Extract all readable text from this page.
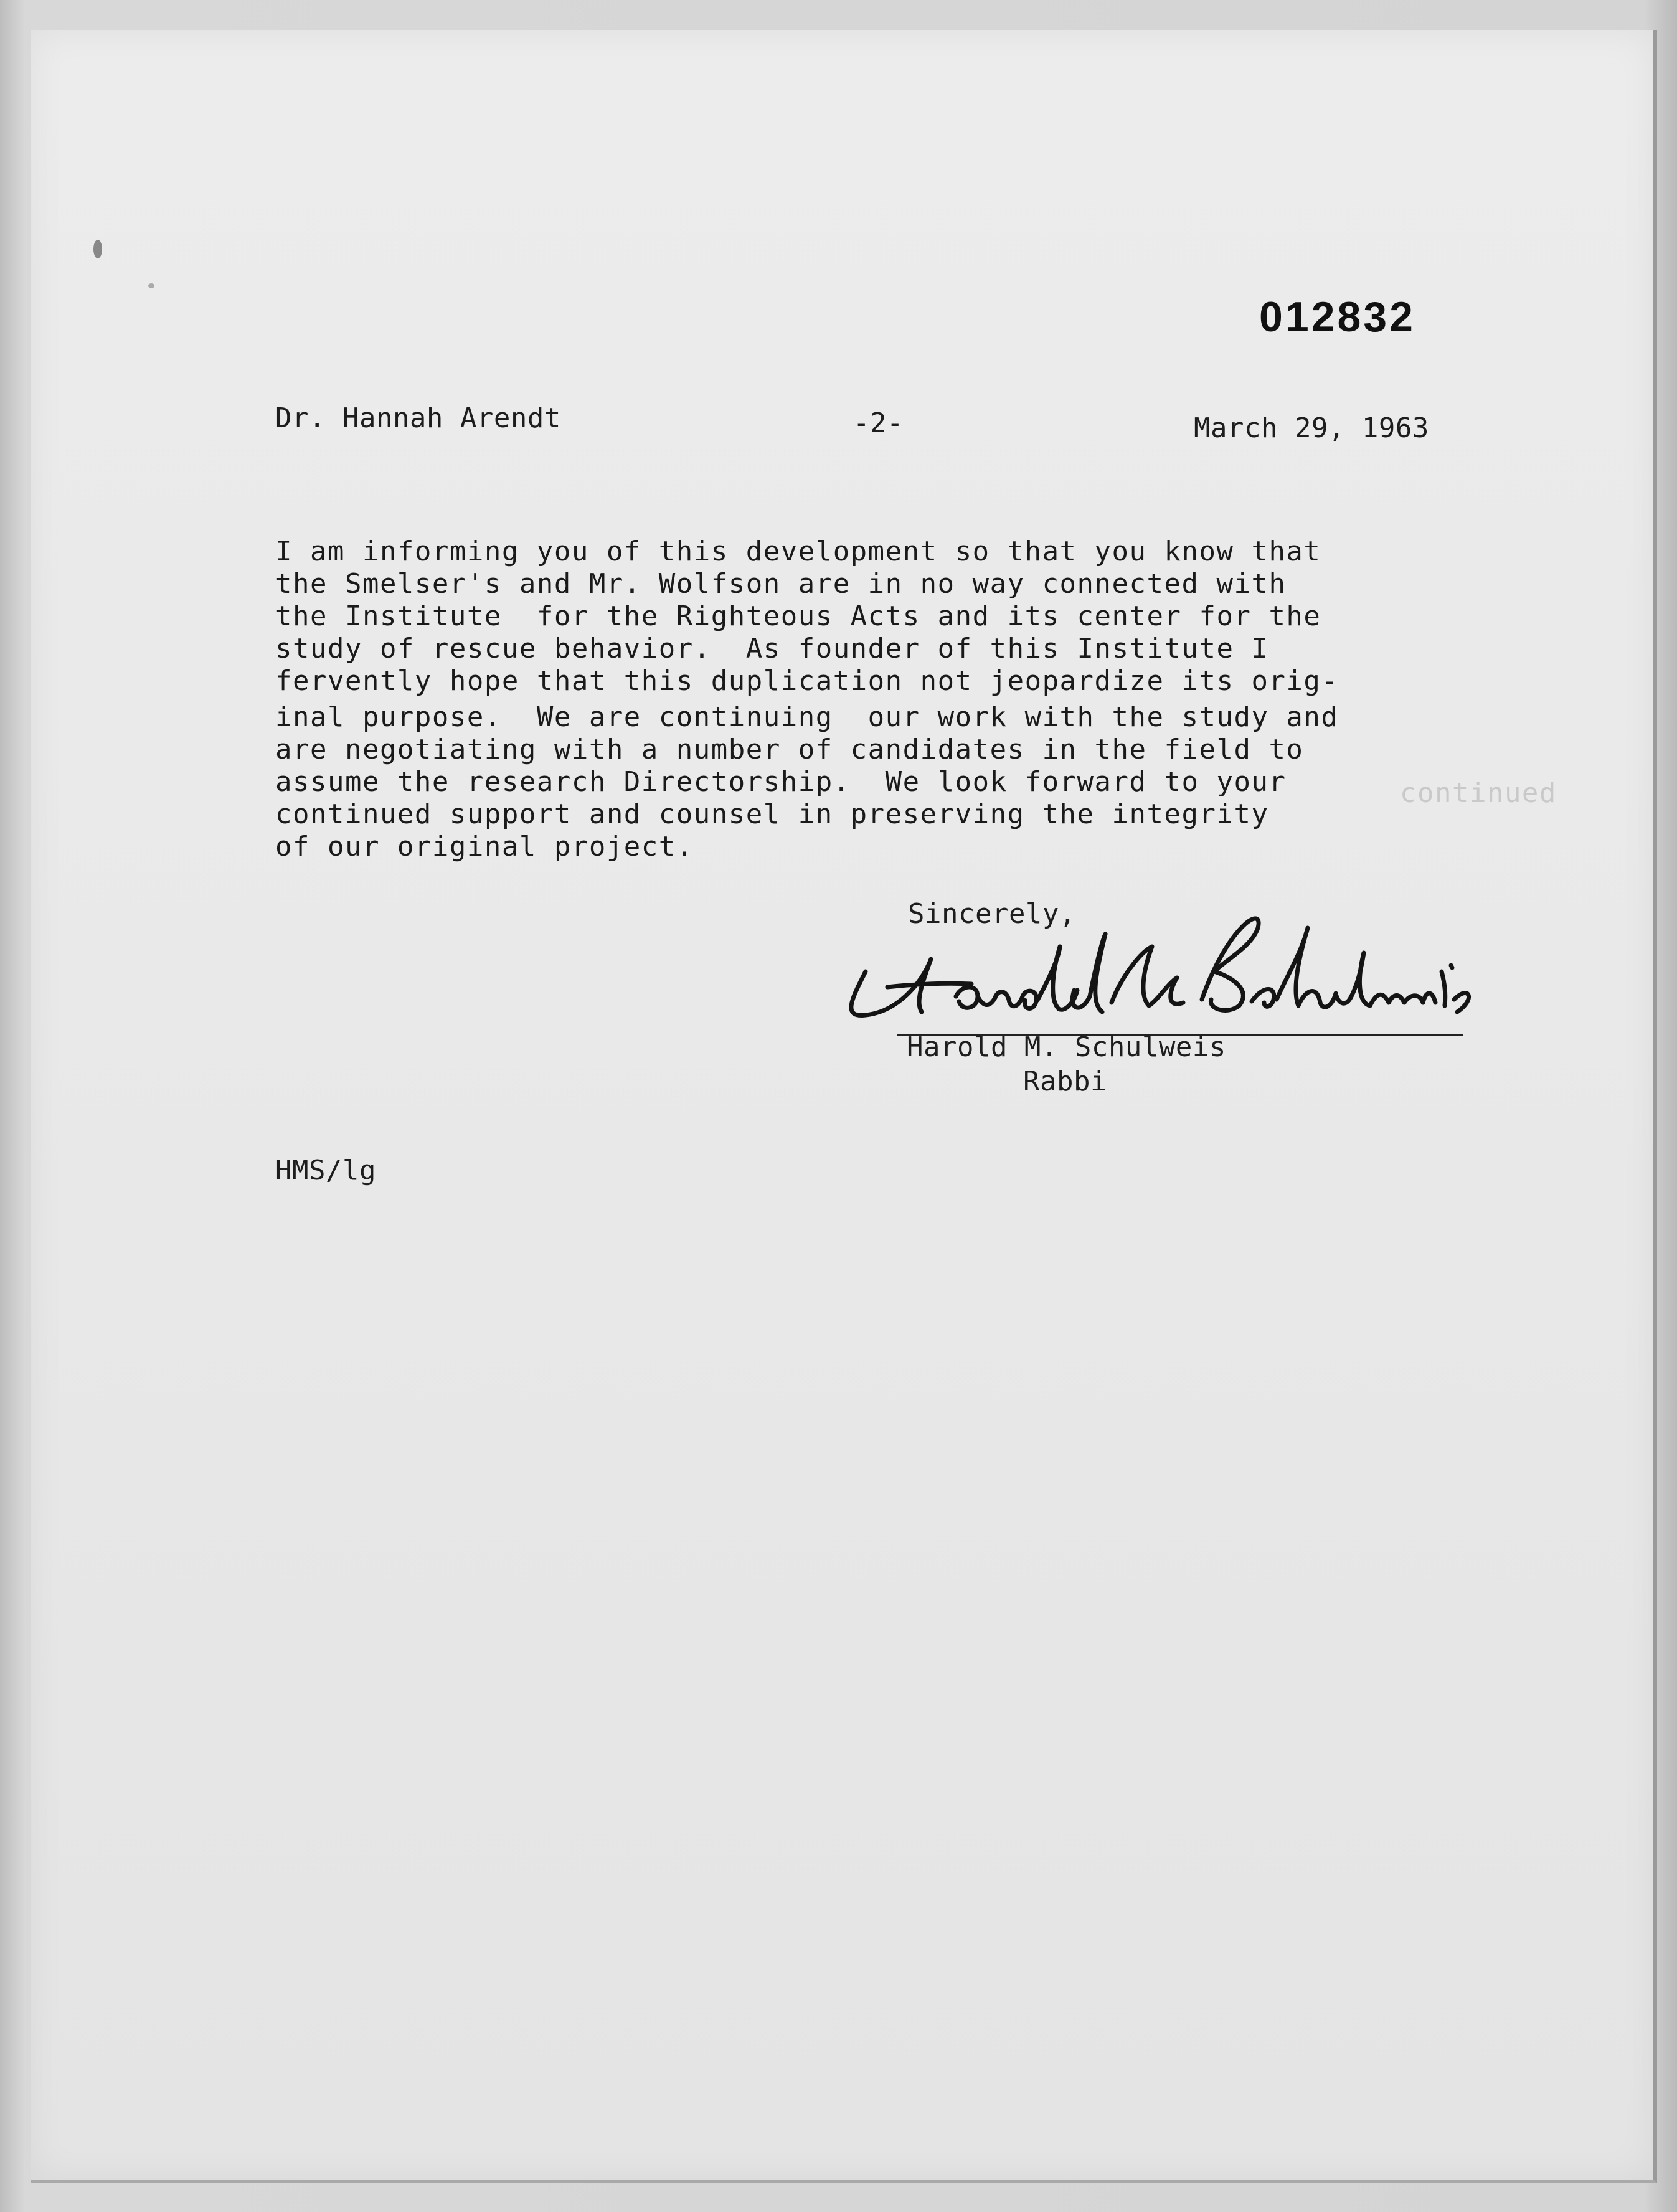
012832
Dr. Hannah Arendt	-2-	March 29, 1963
I am informing you of this development so that you know that
the Smelser's and Mr. Wolfson are in no way connected with
the Institute  for the Righteous Acts and its center for the
study of rescue behavior.  As founder of this Institute I
fervently hope that this duplication not jeopardize its orig-
inal purpose.  We are continuing  our work with the study and
are negotiating with a number of candidates in the field to
assume the research Directorship.  We look forward to your
continued support and counsel in preserving the integrity
of our original project.
continued
Sincerely,
Harold M. Schulweis
Rabbi
HMS/lg
